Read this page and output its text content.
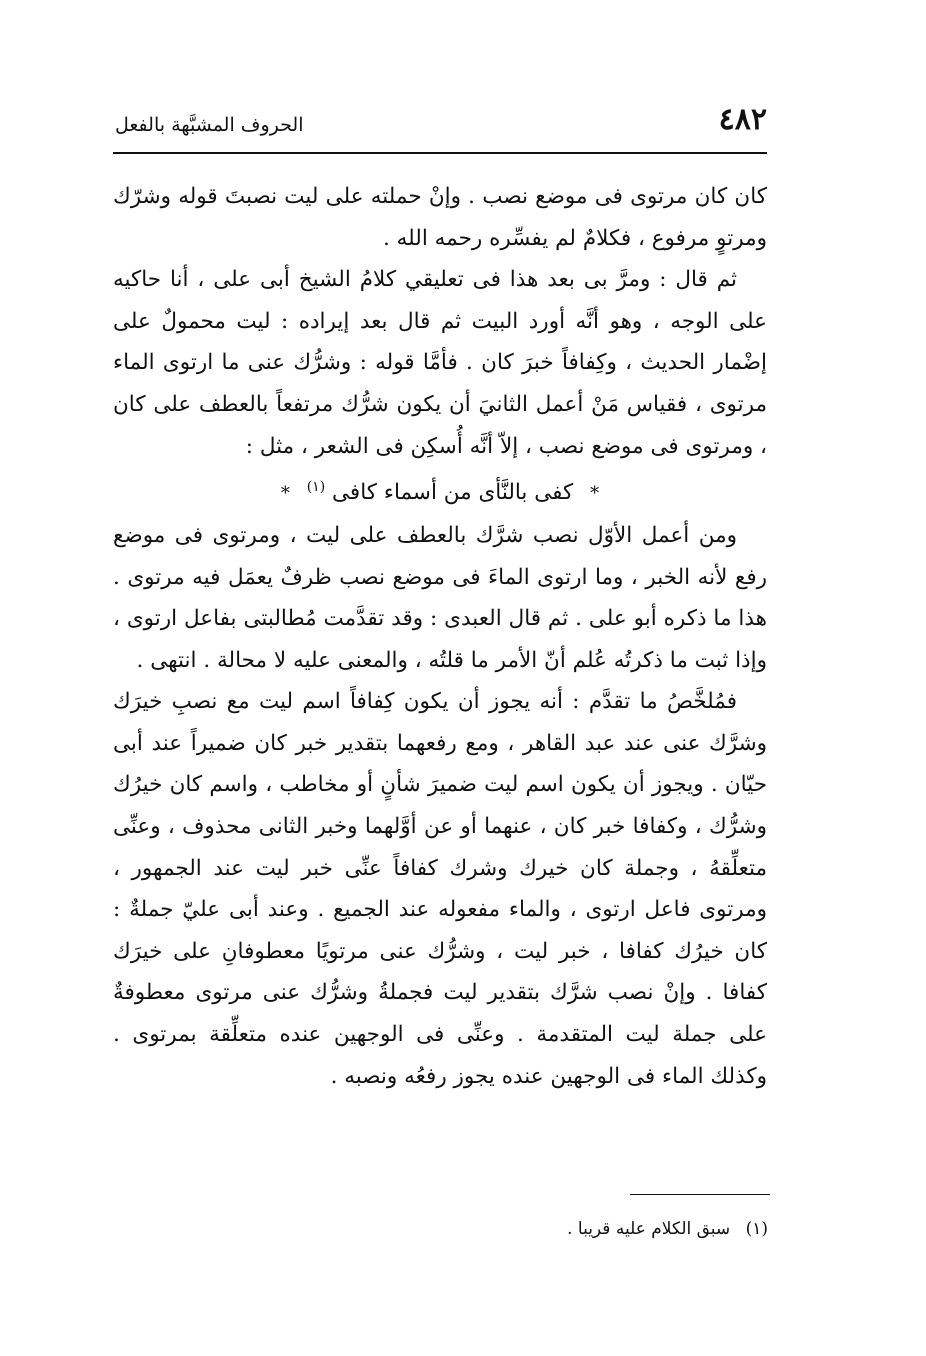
٤٨٢
الحروف المشبَّهة بالفعل

كان كان مرتوى فى موضع نصب . وإنْ حملته على ليت نصبتَ قوله وشرّك ومرتوٍ مرفوع ، فكلامٌ لم يفسِّره رحمه الله .

ثم قال : ومرَّ بى بعد هذا فى تعليقي كلامُ الشيخ أبى على ، أنا حاكيه على الوجه ، وهو أنَّه أورد البيت ثم قال بعد إيراده : ليت محمولٌ على إضْمار الحديث ، وكِفافاً خبرَ كان . فأمَّا قوله : وشرُّك عنى ما ارتوى الماء مرتوى ، فقياس مَنْ أعمل الثانيَ أن يكون شرُّك مرتفعاً بالعطف على كان ، ومرتوى فى موضع نصب ، إلاّ أنَّه أُسكِن فى الشعر ، مثل :

* كفى بالنَّأى من أسماء كافى $^{(١)}$ *

ومن أعمل الأوّل نصب شرَّك بالعطف على ليت ، ومرتوى فى موضع رفع لأنه الخبر ، وما ارتوى الماءَ فى موضع نصب ظرفٌ يعمَل فيه مرتوى . هذا ما ذكره أبو على . ثم قال العبدى : وقد تقدَّمت مُطالبتى بفاعل ارتوى ، وإذا ثبت ما ذكرتُه عُلم أنّ الأمر ما قلتُه ، والمعنى عليه لا محالة . انتهى .

فمُلخَّصُ ما تقدَّم : أنه يجوز أن يكون كِفافاً اسم ليت مع نصبِ خيرَك وشرَّك عنى عند عبد القاهر ، ومع رفعهما بتقدير خبر كان ضميراً عند أبى حيّان . ويجوز أن يكون اسم ليت ضميرَ شأنٍ أو مخاطب ، واسم كان خيرُك وشرُّك ، وكفافا خبر كان ، عنهما أو عن أوَّلهما وخبر الثانى محذوف ، وعنِّى متعلِّقهُ ، وجملة كان خيرك وشرك كفافاً عنِّى خبر ليت عند الجمهور ، ومرتوى فاعل ارتوى ، والماء مفعوله عند الجميع . وعند أبى عليّ جملةٌ : كان خيرُك كفافا ، خبر ليت ، وشرُّك عنى مرتويًا معطوفانِ على خيرَك كفافا . وإنْ نصب شرَّك بتقدير ليت فجملةُ وشرُّك عنى مرتوى معطوفةٌ على جملة ليت المتقدمة . وعنِّى فى الوجهين عنده متعلِّقة بمرتوى . وكذلك الماء فى الوجهين عنده يجوز رفعُه ونصبه .

(١) سبق الكلام عليه قريبا .
